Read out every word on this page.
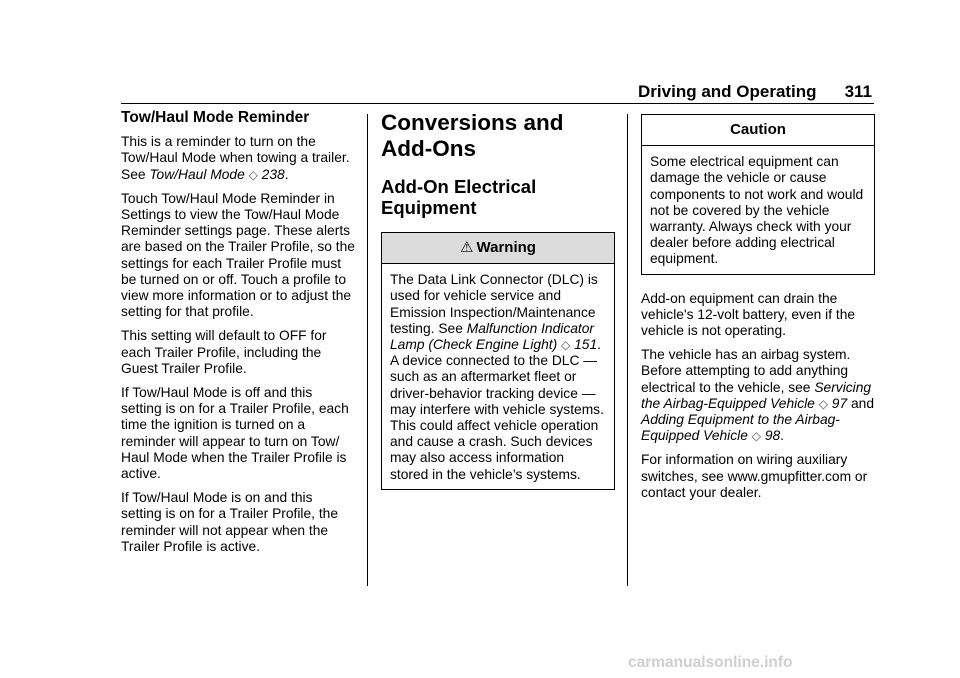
Driving and Operating 311
Tow/Haul Mode Reminder

This is a reminder to turn on the Tow/Haul Mode when towing a trailer. See Tow/Haul Mode ◇ 238.

Touch Tow/Haul Mode Reminder in Settings to view the Tow/Haul Mode Reminder settings page. These alerts are based on the Trailer Profile, so the settings for each Trailer Profile must be turned on or off. Touch a profile to view more information or to adjust the setting for that profile.

This setting will default to OFF for each Trailer Profile, including the Guest Trailer Profile.

If Tow/Haul Mode is off and this setting is on for a Trailer Profile, each time the ignition is turned on a reminder will appear to turn on Tow/ Haul Mode when the Trailer Profile is active.

If Tow/Haul Mode is on and this setting is on for a Trailer Profile, the reminder will not appear when the Trailer Profile is active.

Conversions and Add-Ons
Add-On Electrical Equipment
⚠ Warning

The Data Link Connector (DLC) is used for vehicle service and Emission Inspection/Maintenance testing. See Malfunction Indicator Lamp (Check Engine Light) ◇ 151. A device connected to the DLC — such as an aftermarket fleet or driver-behavior tracking device — may interfere with vehicle systems. This could affect vehicle operation and cause a crash. Such devices may also access information stored in the vehicle’s systems.

Caution

Some electrical equipment can damage the vehicle or cause components to not work and would not be covered by the vehicle warranty. Always check with your dealer before adding electrical equipment.

Add-on equipment can drain the vehicle's 12-volt battery, even if the vehicle is not operating.

The vehicle has an airbag system. Before attempting to add anything electrical to the vehicle, see Servicing the Airbag-Equipped Vehicle ◇ 97 and Adding Equipment to the Airbag-Equipped Vehicle ◇ 98.

For information on wiring auxiliary switches, see www.gmupfitter.com or contact your dealer.

carmanualsonline.info
